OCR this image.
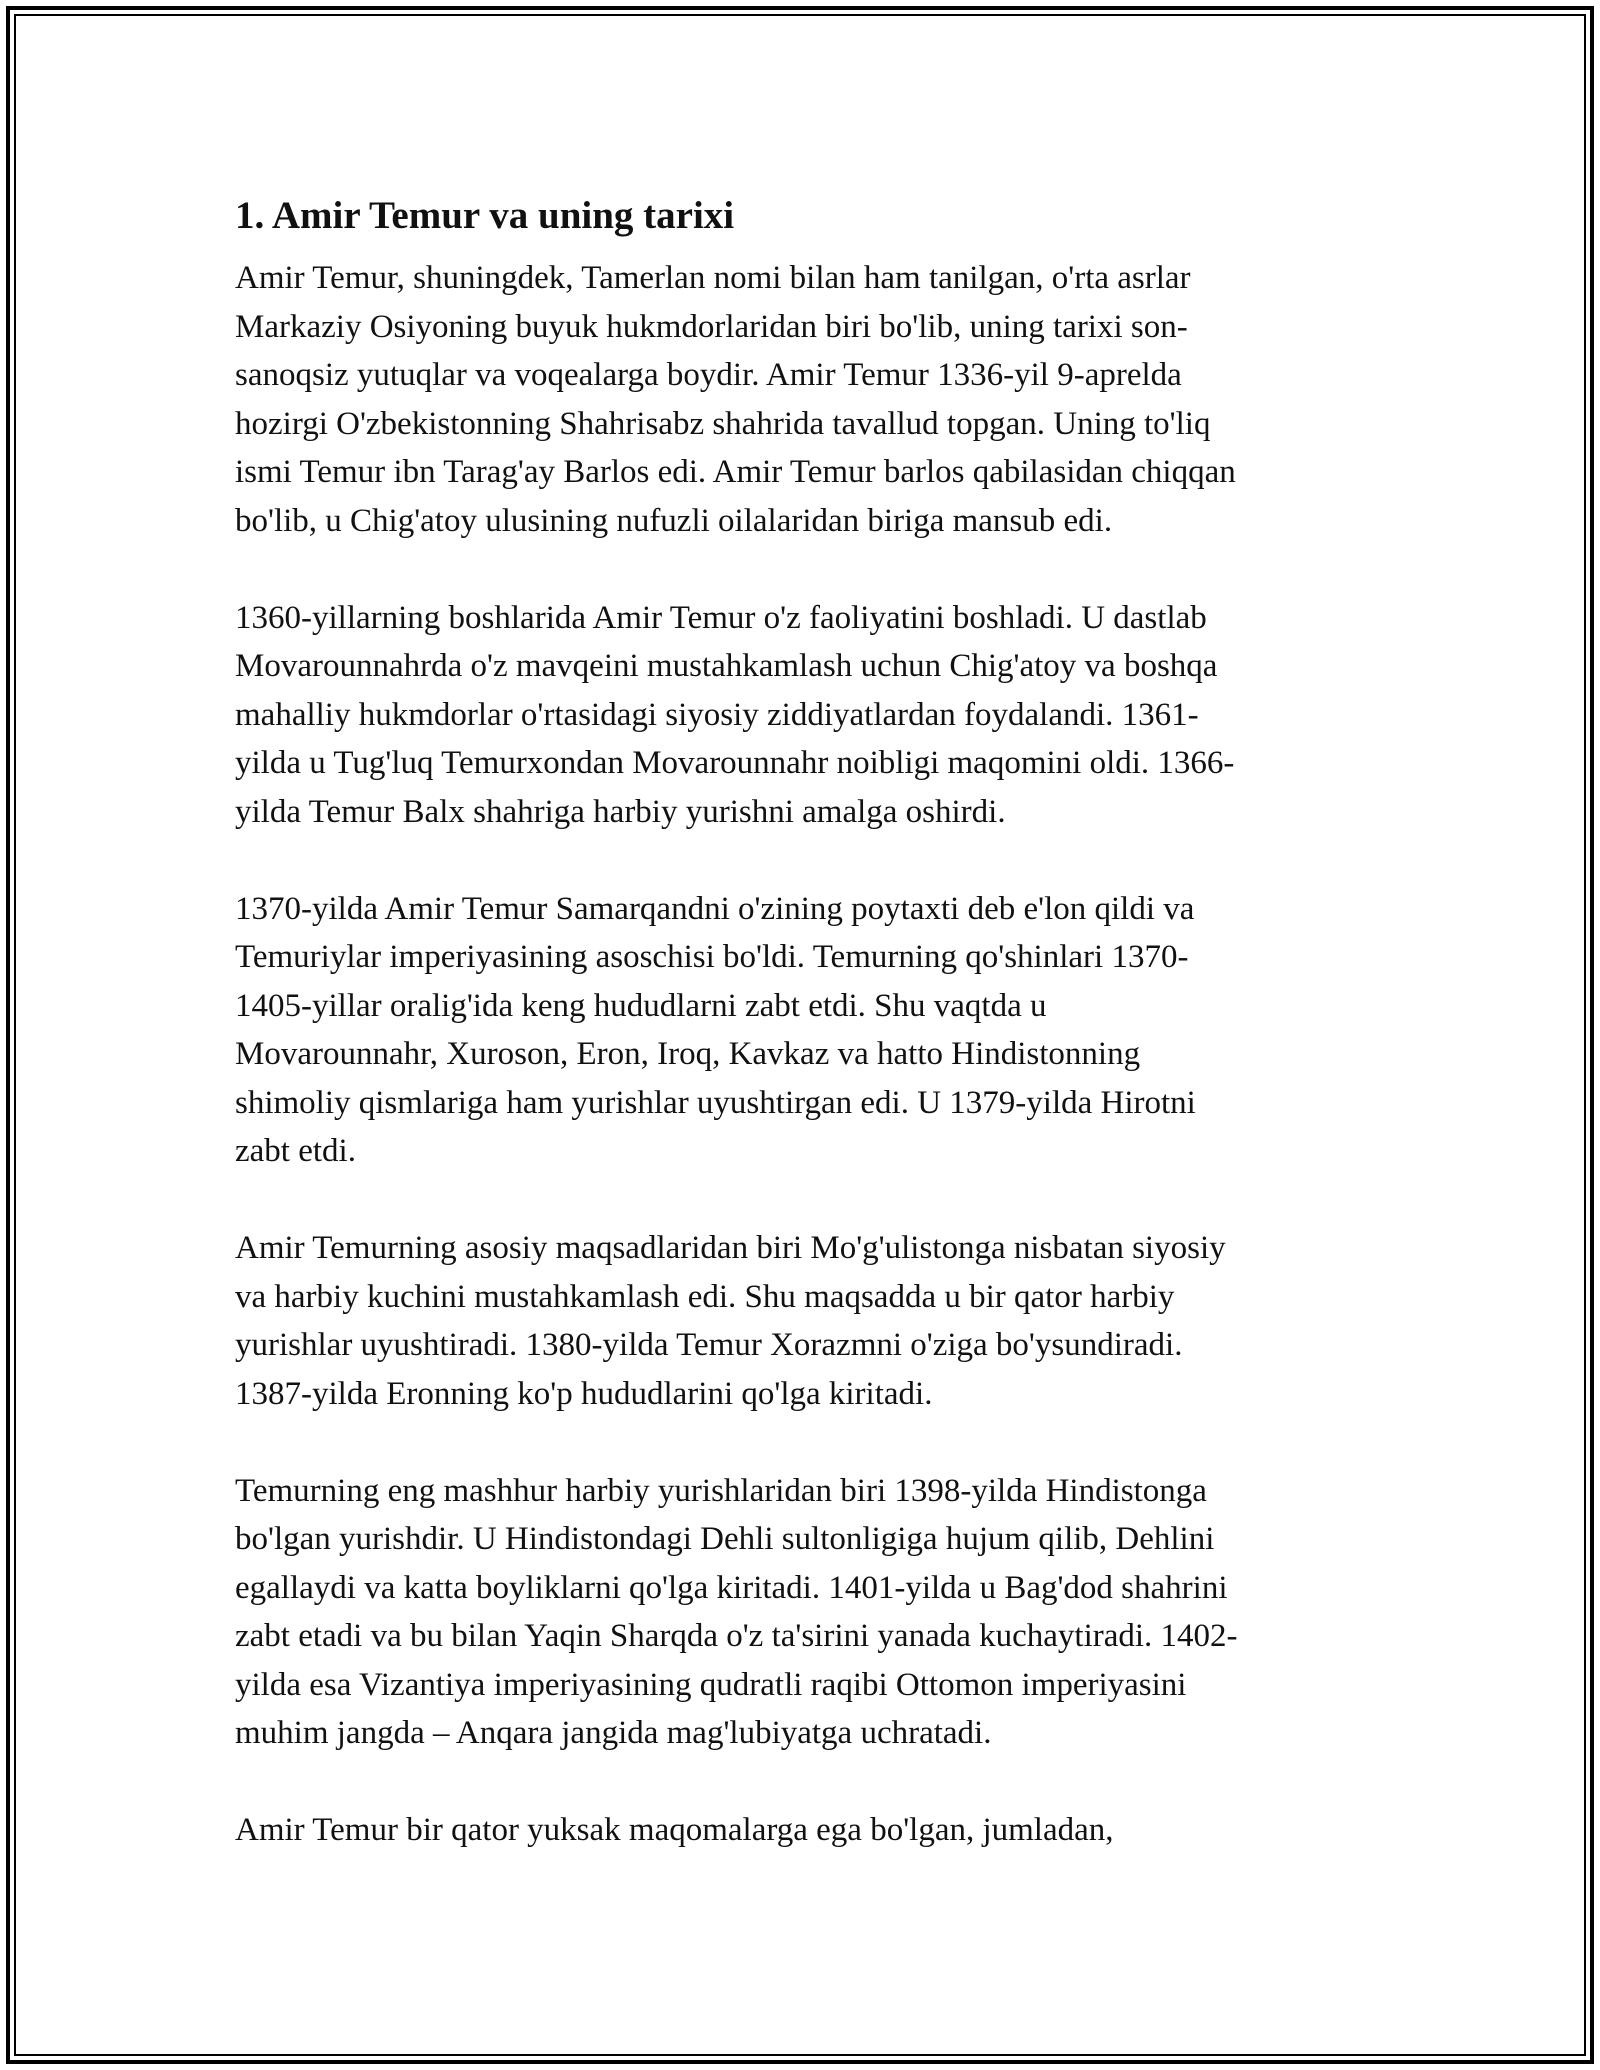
1. Amir Temur va uning tarixi

Amir Temur, shuningdek, Tamerlan nomi bilan ham tanilgan, o'rta asrlar
Markaziy Osiyoning buyuk hukmdorlaridan biri bo'lib, uning tarixi son-
sanoqsiz yutuqlar va voqealarga boydir. Amir Temur 1336-yil 9-aprelda
hozirgi O'zbekistonning Shahrisabz shahrida tavallud topgan. Uning to'liq
ismi Temur ibn Tarag'ay Barlos edi. Amir Temur barlos qabilasidan chiqqan
bo'lib, u Chig'atoy ulusining nufuzli oilalaridan biriga mansub edi.

1360-yillarning boshlarida Amir Temur o'z faoliyatini boshladi. U dastlab
Movarounnahrda o'z mavqeini mustahkamlash uchun Chig'atoy va boshqa
mahalliy hukmdorlar o'rtasidagi siyosiy ziddiyatlardan foydalandi. 1361-
yilda u Tug'luq Temurxondan Movarounnahr noibligi maqomini oldi. 1366-
yilda Temur Balx shahriga harbiy yurishni amalga oshirdi.

1370-yilda Amir Temur Samarqandni o'zining poytaxti deb e'lon qildi va
Temuriylar imperiyasining asoschisi bo'ldi. Temurning qo'shinlari 1370-
1405-yillar oralig'ida keng hududlarni zabt etdi. Shu vaqtda u
Movarounnahr, Xuroson, Eron, Iroq, Kavkaz va hatto Hindistonning
shimoliy qismlariga ham yurishlar uyushtirgan edi. U 1379-yilda Hirotni
zabt etdi.

Amir Temurning asosiy maqsadlaridan biri Mo'g'ulistonga nisbatan siyosiy
va harbiy kuchini mustahkamlash edi. Shu maqsadda u bir qator harbiy
yurishlar uyushtiradi. 1380-yilda Temur Xorazmni o'ziga bo'ysundiradi.
1387-yilda Eronning ko'p hududlarini qo'lga kiritadi.

Temurning eng mashhur harbiy yurishlaridan biri 1398-yilda Hindistonga
bo'lgan yurishdir. U Hindistondagi Dehli sultonligiga hujum qilib, Dehlini
egallaydi va katta boyliklarni qo'lga kiritadi. 1401-yilda u Bag'dod shahrini
zabt etadi va bu bilan Yaqin Sharqda o'z ta'sirini yanada kuchaytiradi. 1402-
yilda esa Vizantiya imperiyasining qudratli raqibi Ottomon imperiyasini
muhim jangda – Anqara jangida mag'lubiyatga uchratadi.

Amir Temur bir qator yuksak maqomalarga ega bo'lgan, jumladan,
